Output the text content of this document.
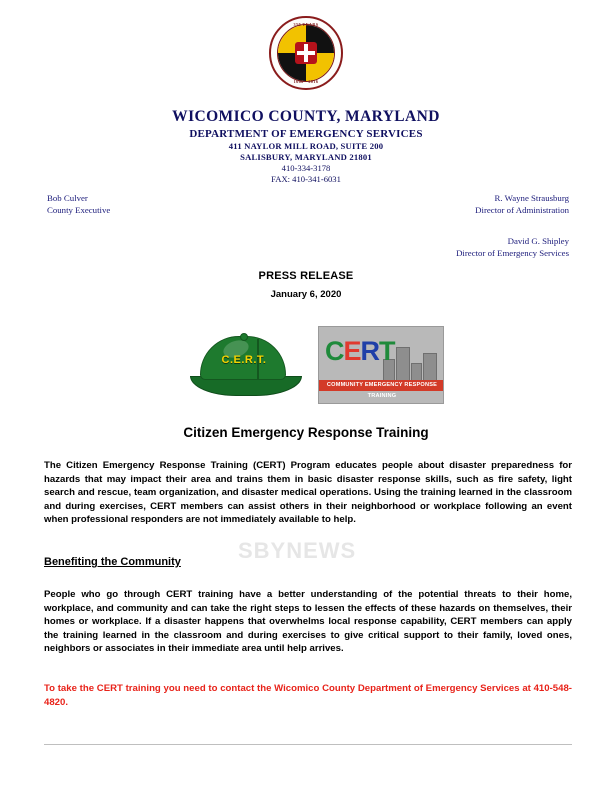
350 YEARS
1666 - 2016
WICOMICO COUNTY, MARYLAND
DEPARTMENT OF EMERGENCY SERVICES
411 NAYLOR MILL ROAD, SUITE 200
SALISBURY, MARYLAND 21801
410-334-3178
FAX: 410-341-6031
Bob Culver
County Executive
R. Wayne Strausburg
Director of Administration
David G. Shipley
Director of Emergency Services
PRESS RELEASE
January 6, 2020
C.E.R.T.	CERT
COMMUNITY EMERGENCY RESPONSE TRAINING
Citizen Emergency Response Training
SBYNEWS
The Citizen Emergency Response Training (CERT) Program educates people about disaster preparedness for hazards that may impact their area and trains them in basic disaster response skills, such as fire safety, light search and rescue, team organization, and disaster medical operations. Using the training learned in the classroom and during exercises, CERT members can assist others in their neighborhood or workplace following an event when professional responders are not immediately available to help.
Benefiting the Community
People who go through CERT training have a better understanding of the potential threats to their home, workplace, and community and can take the right steps to lessen the effects of these hazards on themselves, their homes or workplace. If a disaster happens that overwhelms local response capability, CERT members can apply the training learned in the classroom and during exercises to give critical support to their family, loved ones, neighbors or associates in their immediate area until help arrives.
To take the CERT training you need to contact the Wicomico County Department of Emergency Services at 410-548-4820.
